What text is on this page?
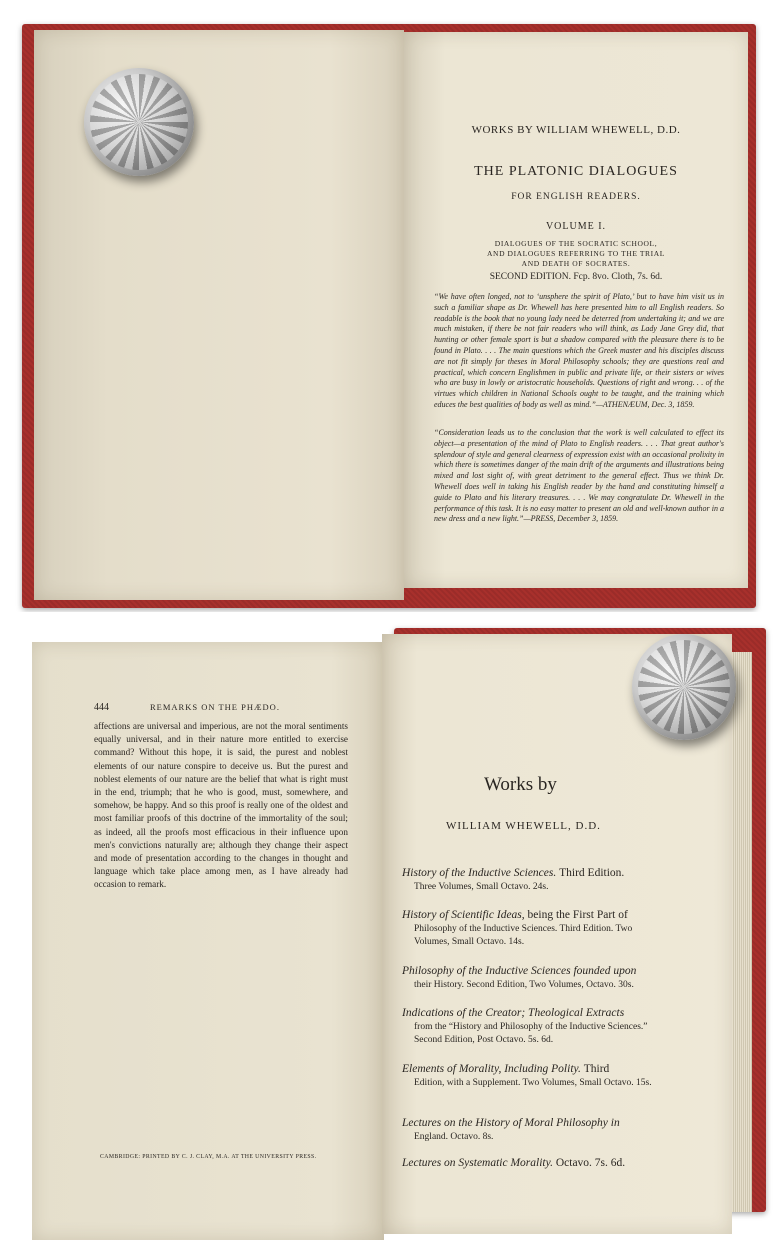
WORKS BY WILLIAM WHEWELL, D.D.
THE PLATONIC DIALOGUES
FOR ENGLISH READERS.
VOLUME I.
DIALOGUES OF THE SOCRATIC SCHOOL,
AND DIALOGUES REFERRING TO THE TRIAL
AND DEATH OF SOCRATES.
SECOND EDITION. Fcp. 8vo. Cloth, 7s. 6d.
“We have often longed, not to ‘unsphere the spirit of Plato,’ but to have him visit us in such a familiar shape as Dr. Whewell has here presented him to all English readers. So readable is the book that no young lady need be deterred from undertaking it; and we are much mistaken, if there be not fair readers who will think, as Lady Jane Grey did, that hunting or other female sport is but a shadow compared with the pleasure there is to be found in Plato. . . . The main questions which the Greek master and his disciples discuss are not fit simply for theses in Moral Philosophy schools; they are questions real and practical, which concern Englishmen in public and private life, or their sisters or wives who are busy in lowly or aristocratic households. Questions of right and wrong. . . of the virtues which children in National Schools ought to be taught, and the training which educes the best qualities of body as well as mind.”—ATHENÆUM, Dec. 3, 1859.
“Consideration leads us to the conclusion that the work is well calculated to effect its object—a presentation of the mind of Plato to English readers. . . . That great author's splendour of style and general clearness of expression exist with an occasional prolixity in which there is sometimes danger of the main drift of the arguments and illustrations being mixed and lost sight of, with great detriment to the general effect. Thus we think Dr. Whewell does well in taking his English reader by the hand and constituting himself a guide to Plato and his literary treasures. . . . We may congratulate Dr. Whewell in the performance of this task. It is no easy matter to present an old and well-known author in a new dress and a new light.”—PRESS, December 3, 1859.
444	REMARKS ON THE PHÆDO.
affections are universal and imperious, are not the moral sentiments equally universal, and in their nature more entitled to exercise command? Without this hope, it is said, the purest and noblest elements of our nature conspire to deceive us. But the purest and noblest elements of our nature are the belief that what is right must in the end, triumph; that he who is good, must, somewhere, and somehow, be happy. And so this proof is really one of the oldest and most familiar proofs of this doctrine of the immortality of the soul; as indeed, all the proofs most efficacious in their influence upon men's convictions naturally are; although they change their aspect and mode of presentation according to the changes in thought and language which take place among men, as I have already had occasion to remark.
CAMBRIDGE: PRINTED BY C. J. CLAY, M.A. AT THE UNIVERSITY PRESS.
Works by
WILLIAM WHEWELL, D.D.
History of the Inductive Sciences. Third Edition.
Three Volumes, Small Octavo. 24s.
History of Scientific Ideas, being the First Part of
Philosophy of the Inductive Sciences. Third Edition. Two Volumes, Small Octavo. 14s.
Philosophy of the Inductive Sciences founded upon
their History. Second Edition, Two Volumes, Octavo. 30s.
Indications of the Creator; Theological Extracts
from the “History and Philosophy of the Inductive Sciences.” Second Edition, Post Octavo. 5s. 6d.
Elements of Morality, Including Polity. Third
Edition, with a Supplement. Two Volumes, Small Octavo. 15s.
Lectures on the History of Moral Philosophy in
England. Octavo. 8s.
Lectures on Systematic Morality. Octavo. 7s. 6d.
